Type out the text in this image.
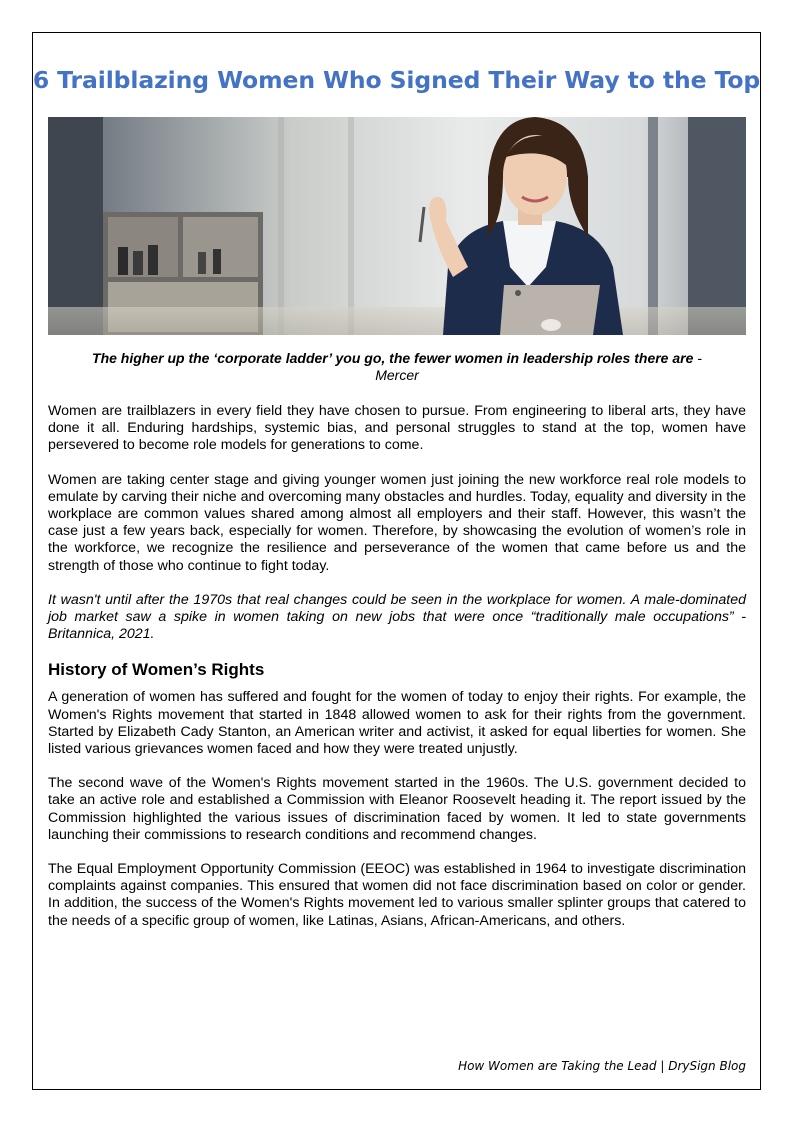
6 Trailblazing Women Who Signed Their Way to the Top
The higher up the ‘corporate ladder’ you go, the fewer women in leadership roles there are -
Mercer

Women are trailblazers in every field they have chosen to pursue. From engineering to liberal arts, they have done it all. Enduring hardships, systemic bias, and personal struggles to stand at the top, women have persevered to become role models for generations to come.

Women are taking center stage and giving younger women just joining the new workforce real role models to emulate by carving their niche and overcoming many obstacles and hurdles. Today, equality and diversity in the workplace are common values shared among almost all employers and their staff. However, this wasn’t the case just a few years back, especially for women. Therefore, by showcasing the evolution of women’s role in the workforce, we recognize the resilience and perseverance of the women that came before us and the strength of those who continue to fight today.

It wasn't until after the 1970s that real changes could be seen in the workplace for women. A male-dominated job market saw a spike in women taking on new jobs that were once “traditionally male occupations” - Britannica, 2021.

History of Women’s Rights

A generation of women has suffered and fought for the women of today to enjoy their rights. For example, the Women's Rights movement that started in 1848 allowed women to ask for their rights from the government. Started by Elizabeth Cady Stanton, an American writer and activist, it asked for equal liberties for women. She listed various grievances women faced and how they were treated unjustly.

The second wave of the Women's Rights movement started in the 1960s. The U.S. government decided to take an active role and established a Commission with Eleanor Roosevelt heading it. The report issued by the Commission highlighted the various issues of discrimination faced by women. It led to state governments launching their commissions to research conditions and recommend changes.

The Equal Employment Opportunity Commission (EEOC) was established in 1964 to investigate discrimination complaints against companies. This ensured that women did not face discrimination based on color or gender. In addition, the success of the Women's Rights movement led to various smaller splinter groups that catered to the needs of a specific group of women, like Latinas, Asians, African-Americans, and others.

How Women are Taking the Lead | DrySign Blog
